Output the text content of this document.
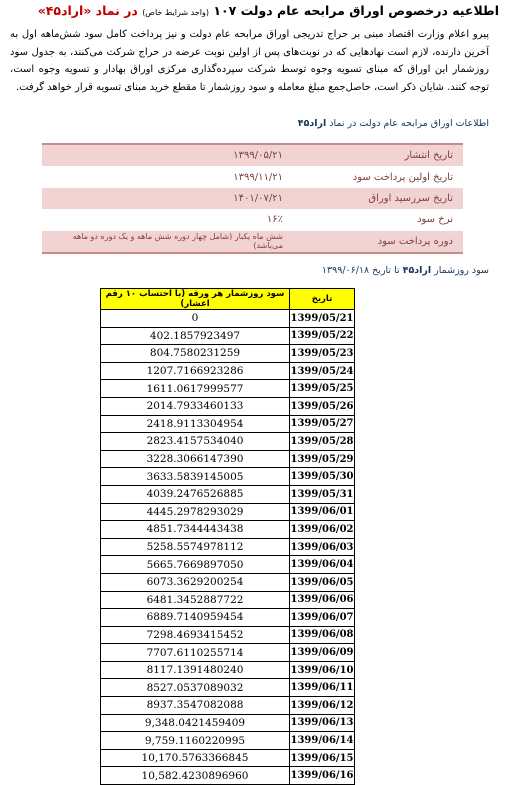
اطلاعیه درخصوص اوراق مرابحه عام دولت ۱۰۷ (واجد شرایط خاص) در نماد «اراد۴۵»
پیرو اعلام وزارت اقتصاد مبنی بر حراج تدریجی اوراق مرابحه عام دولت و نیز پرداخت کامل سود شش‌ماهه اول به آخرین دارنده، لازم است نهادهایی که در نوبت‌های پس از اولین نوبت عرضه در حراج شرکت می‌کنند، به جدول سود روزشمار این اوراق که مبنای تسویه وجوه توسط شرکت سپرده‌گذاری مرکزی اوراق بهادار و تسویه وجوه است، توجه کنند. شایان ذکر است، حاصل‌جمع مبلغ معامله و سود روزشمار تا مقطع خرید مبنای تسویه قرار خواهد گرفت.
اطلاعات اوراق مرابحه عام دولت در نماد اراد۴۵
تاریخ انتشار	۱۳۹۹/۰۵/۲۱
تاریخ اولین پرداخت سود	۱۳۹۹/۱۱/۲۱
تاریخ سررسید اوراق	۱۴۰۱/۰۷/۲۱
نرخ سود	۱۶٪
دوره پرداخت سود	شش ماه یکبار (شامل چهار دوره شش ماهه و یک دوره دو ماهه می‌باشد)
سود روزشمار اراد۴۵ تا تاریخ ۱۳۹۹/۰۶/۱۸
تاریخ	سود روزشمار هر ورقه (با احتساب ۱۰ رقم اعشار)
1399/05/21	0
1399/05/22	402.1857923497
1399/05/23	804.7580231259
1399/05/24	1207.7166923286
1399/05/25	1611.0617999577
1399/05/26	2014.7933460133
1399/05/27	2418.9113304954
1399/05/28	2823.4157534040
1399/05/29	3228.3066147390
1399/05/30	3633.5839145005
1399/05/31	4039.2476526885
1399/06/01	4445.2978293029
1399/06/02	4851.7344443438
1399/06/03	5258.5574978112
1399/06/04	5665.7669897050
1399/06/05	6073.3629200254
1399/06/06	6481.3452887722
1399/06/07	6889.7140959454
1399/06/08	7298.4693415452
1399/06/09	7707.6110255714
1399/06/10	8117.1391480240
1399/06/11	8527.0537089032
1399/06/12	8937.3547082088
1399/06/13	9,348.0421459409
1399/06/14	9,759.1160220995
1399/06/15	10,170.5763366845
1399/06/16	10,582.4230896960
